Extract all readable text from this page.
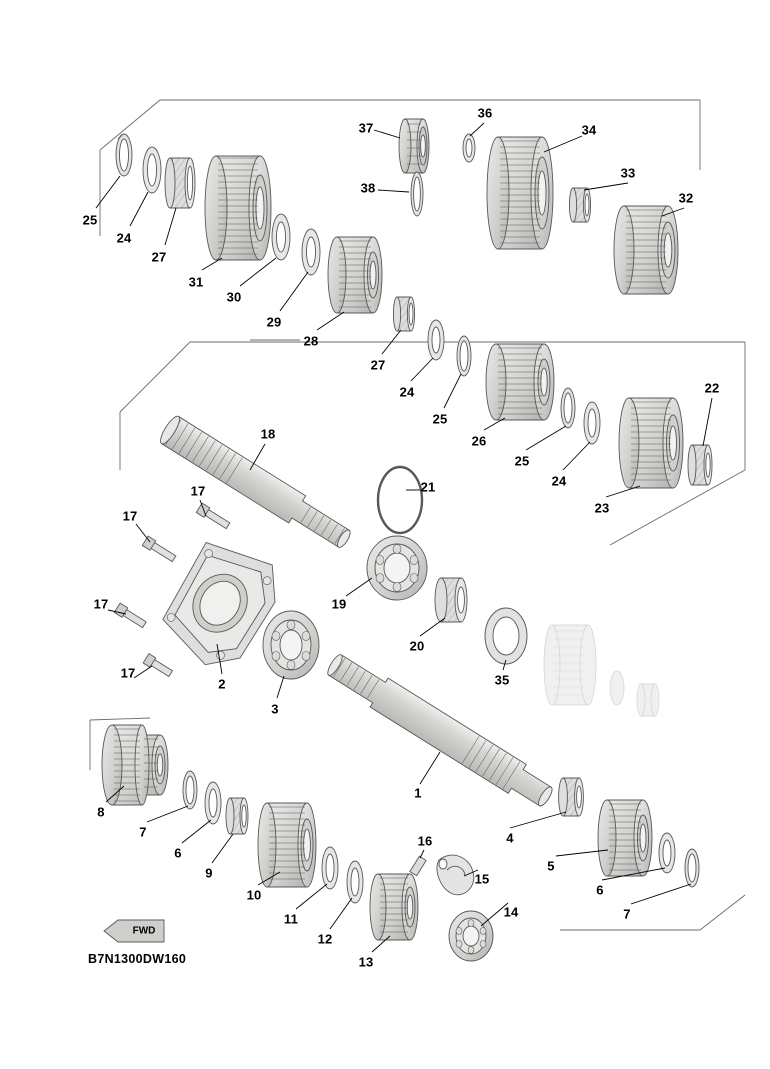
25
24
27
31
30
29
28
27
24
25
26
25
24
23
22
37
36
34
33
32
38
18
21
17
17
17
17
2
3
19
20
35
1
8
7
6
9
10
11
12
13
14
15
16	4
5
6
7
B7N1300DW160
FWD
